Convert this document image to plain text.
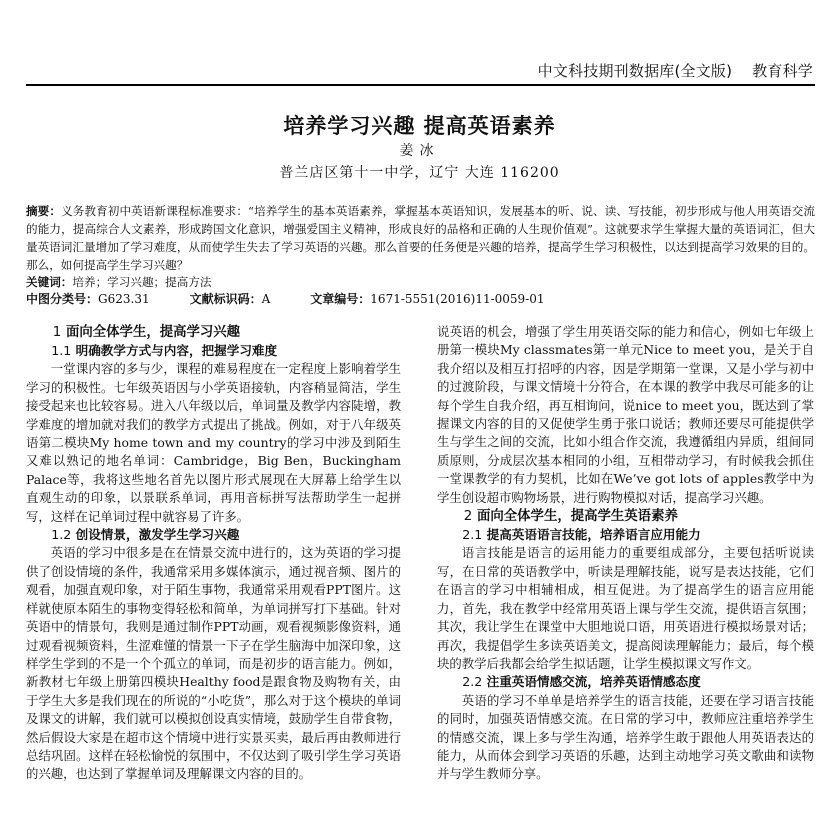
中文科技期刊数据库(全文版) 教育科学
培养学习兴趣 提高英语素养
姜冰
普兰店区第十一中学，辽宁 大连 116200
摘要：义务教育初中英语新课程标准要求：“培养学生的基本英语素养，掌握基本英语知识，发展基本的听、说、读、写技能，初步形成与他人用英语交流的能力，提高综合人文素养，形成跨国文化意识，增强爱国主义精神，形成良好的品格和正确的人生现价值观”。这就要求学生掌握大量的英语词汇，但大量英语词汇量增加了学习难度，从而使学生失去了学习英语的兴趣。那么首要的任务便是兴趣的培养，提高学生学习积极性，以达到提高学习效果的目的。那么，如何提高学生学习兴趣？
关键词：培养；学习兴趣；提高方法
中图分类号：G623.31	文献标识码：A	文章编号：1671-5551(2016)11-0059-01
1 面向全体学生，提高学习兴趣
1.1 明确教学方式与内容，把握学习难度

一堂课内容的多与少，课程的难易程度在一定程度上影响着学生学习的积极性。七年级英语因与小学英语接轨，内容稍显简洁，学生接受起来也比较容易。进入八年级以后，单词量及教学内容陡增，教学难度的增加就对我们的教学方式提出了挑战。例如，对于八年级英语第二模块My home town and my country的学习中涉及到陌生又难以熟记的地名单词：Cambridge，Big Ben，Buckingham Palace等，我将这些地名首先以图片形式展现在大屏幕上给学生以直观生动的印象，以景联系单词，再用音标拼写法帮助学生一起拼写，这样在记单词过程中就容易了许多。

1.2 创设情景，激发学生学习兴趣

英语的学习中很多是在在情景交流中进行的，这为英语的学习提供了创设情境的条件，我通常采用多媒体演示，通过视音频、图片的观看，加强直观印象，对于陌生事物，我通常采用观看PPT图片。这样就使原本陌生的事物变得轻松和简单，为单词拼写打下基础。针对英语中的情景句，我则是通过制作PPT动画，观看视频影像资料，通过观看视频资料，生涩难懂的情景一下子在学生脑海中加深印象，这样学生学到的不是一个个孤立的单词，而是初步的语言能力。例如，新教材七年级上册第四模块Healthy food是跟食物及购物有关，由于学生大多是我们现在的所说的“小吃货”，那么对于这个模块的单词及课文的讲解，我们就可以模拟创设真实情境，鼓励学生自带食物，然后假设大家是在超市这个情境中进行实景买卖，最后再由教师进行总结巩固。这样在轻松愉悦的氛围中，不仅达到了吸引学生学习英语的兴趣，也达到了掌握单词及理解课文内容的目的。

说英语的机会，增强了学生用英语交际的能力和信心，例如七年级上册第一模块My classmates第一单元Nice to meet you，是关于自我介绍以及相互打招呼的内容，因是学期第一堂课，又是小学与初中的过渡阶段，与课文情境十分符合，在本课的教学中我尽可能多的让每个学生自我介绍，再互相询问，说nice to meet you，既达到了掌握课文内容的目的又促使学生勇于张口说话；教师还要尽可能提供学生与学生之间的交流，比如小组合作交流，我遵循组内异质，组间同质原则，分成层次基本相同的小组，互相带动学习，有时候我会抓住一堂课教学的有力契机，比如在We’ve got lots of apples教学中为学生创设超市购物场景，进行购物模拟对话，提高学习兴趣。

2 面向全体学生，提高学生英语素养
2.1 提高英语语言技能，培养语言应用能力

语言技能是语言的运用能力的重要组成部分，主要包括听说读写，在日常的英语教学中，听读是理解技能，说写是表达技能，它们在语言的学习中相辅相成，相互促进。为了提高学生的语言应用能力，首先，我在教学中经常用英语上课与学生交流，提供语言氛围；其次，我让学生在课堂中大胆地说口语，用英语进行模拟场景对话；再次，我提倡学生多读英语美文，提高阅读理解能力；最后，每个模块的教学后我都会给学生拟话题，让学生模拟课文写作文。

2.2 注重英语情感交流，培养英语情感态度

英语的学习不单单是培养学生的语言技能，还要在学习语言技能的同时，加强英语情感交流。在日常的学习中，教师应注重培养学生的情感交流，课上多与学生沟通，培养学生敢于跟他人用英语表达的能力，从而体会到学习英语的乐趣，达到主动地学习英文歌曲和读物并与学生教师分享。
